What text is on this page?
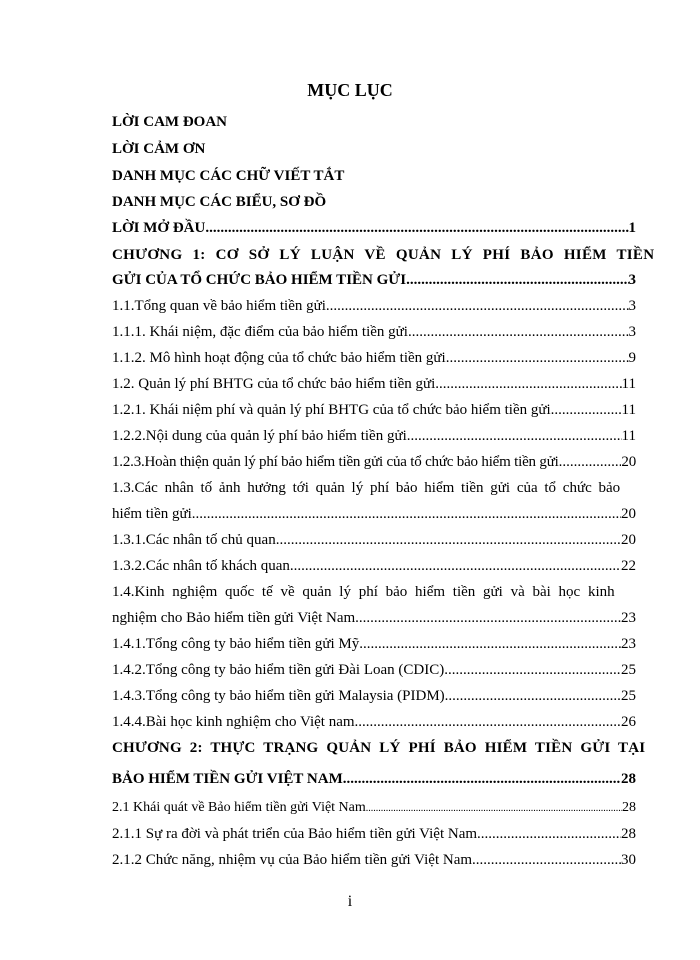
MỤC LỤC
LỜI CAM ĐOAN
LỜI CẢM ƠN
DANH MỤC CÁC CHỮ VIẾT TẮT
DANH MỤC CÁC BIỂU, SƠ ĐỒ
LỜI MỞ ĐẦU .....	1
CHƯƠNG 1: CƠ SỞ LÝ LUẬN VỀ QUẢN LÝ PHÍ BẢO HIỂM TIỀN
GỬI CỦA TỔ CHỨC BẢO HIỂM TIỀN GỬI .....	3
1.1.Tổng quan về bảo hiểm tiền gửi .....	3
1.1.1. Khái niệm, đặc điểm của bảo hiểm tiền gửi .....	3
1.1.2. Mô hình hoạt động của tổ chức bảo hiểm tiền gửi .....	9
1.2. Quản lý phí BHTG của tổ chức bảo hiểm tiền gửi .....	11
1.2.1. Khái niệm phí và quản lý phí BHTG của tổ chức bảo hiểm tiền gửi .....	11
1.2.2.Nội dung của quản lý phí bảo hiểm tiền gửi .....	11
1.2.3.Hoàn thiện quản lý phí bảo hiểm tiền gửi của tổ chức bảo hiểm tiền gửi .....	20
1.3.Các nhân tố ảnh hưởng tới quản lý phí bảo hiểm tiền gửi của tổ chức bảo
hiểm tiền gửi .....	20
1.3.1.Các nhân tố chủ quan .....	20
1.3.2.Các nhân tố khách quan .....	22
1.4.Kinh nghiệm quốc tế về quản lý phí bảo hiểm tiền gửi và bài học kinh
nghiệm cho Bảo hiểm tiền gửi Việt Nam .....	23
1.4.1.Tổng công ty bảo hiểm tiền gửi Mỹ .....	23
1.4.2.Tổng công ty bảo hiểm tiền gửi Đài Loan (CDIC) .....	25
1.4.3.Tổng công ty bảo hiểm tiền gửi Malaysia (PIDM) .....	25
1.4.4.Bài học kinh nghiệm cho Việt nam .....	26
CHƯƠNG 2: THỰC TRẠNG QUẢN LÝ PHÍ BẢO HIỂM TIỀN GỬI TẠI
BẢO HIỂM TIỀN GỬI VIỆT NAM .....	28
2.1 Khái quát về Bảo hiểm tiền gửi Việt Nam .....	28
2.1.1 Sự ra đời và phát triển của Bảo hiểm tiền gửi Việt Nam .....	28
2.1.2 Chức năng, nhiệm vụ của Bảo hiểm tiền gửi Việt Nam .....	30
i
